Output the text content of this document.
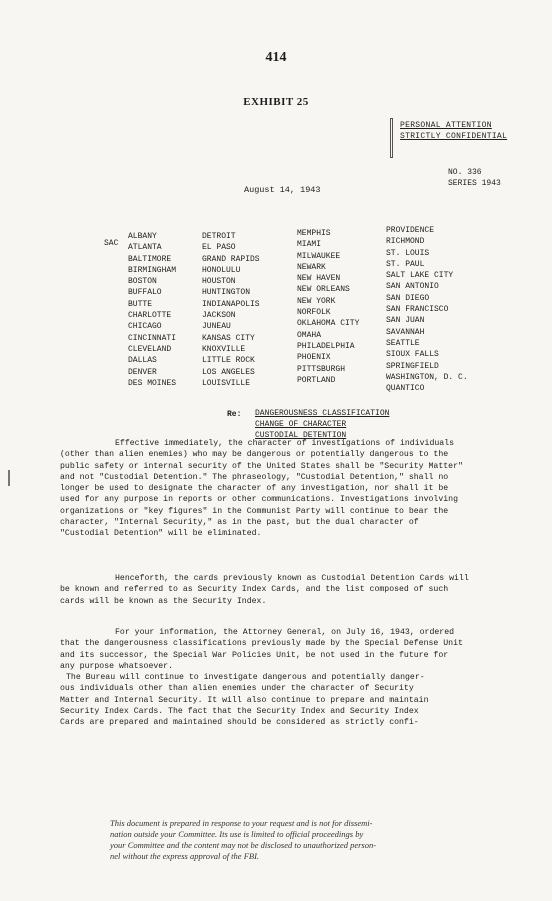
414
EXHIBIT 25
PERSONAL ATTENTION
STRICTLY CONFIDENTIAL
NO. 336
SERIES 1943
August 14, 1943
SAC
ALBANY
ATLANTA
BALTIMORE
BIRMINGHAM
BOSTON
BUFFALO
BUTTE
CHARLOTTE
CHICAGO
CINCINNATI
CLEVELAND
DALLAS
DENVER
DES MOINES
DETROIT
EL PASO
GRAND RAPIDS
HONOLULU
HOUSTON
HUNTINGTON
INDIANAPOLIS
JACKSON
JUNEAU
KANSAS CITY
KNOXVILLE
LITTLE ROCK
LOS ANGELES
LOUISVILLE
MEMPHIS
MIAMI
MILWAUKEE
NEWARK
NEW HAVEN
NEW ORLEANS
NEW YORK
NORFOLK
OKLAHOMA CITY
OMAHA
PHILADELPHIA
PHOENIX
PITTSBURGH
PORTLAND
PROVIDENCE
RICHMOND
ST. LOUIS
ST. PAUL
SALT LAKE CITY
SAN ANTONIO
SAN DIEGO
SAN FRANCISCO
SAN JUAN
SAVANNAH
SEATTLE
SIOUX FALLS
SPRINGFIELD
WASHINGTON, D. C.
QUANTICO
Re: DANGEROUSNESS CLASSIFICATION
CHANGE OF CHARACTER
CUSTODIAL DETENTION
Effective immediately, the character of investigations of individuals
(other than alien enemies) who may be dangerous or potentially dangerous to the
public safety or internal security of the United States shall be "Security Matter"
and not "Custodial Detention." The phraseology, "Custodial Detention," shall no
longer be used to designate the character of any investigation, nor shall it be
used for any purpose in reports or other communications. Investigations involving
organizations or "key figures" in the Communist Party will continue to bear the
character, "Internal Security," as in the past, but the dual character of
"Custodial Detention" will be eliminated.
Henceforth, the cards previously known as Custodial Detention Cards will
be known and referred to as Security Index Cards, and the list composed of such
cards will be known as the Security Index.
For your information, the Attorney General, on July 16, 1943, ordered
that the dangerousness classifications previously made by the Special Defense Unit
and its successor, the Special War Policies Unit, be not used in the future for
any purpose whatsoever.
The Bureau will continue to investigate dangerous and potentially danger-
ous individuals other than alien enemies under the character of Security
Matter and Internal Security. It will also continue to prepare and maintain
Security Index Cards. The fact that the Security Index and Security Index
Cards are prepared and maintained should be considered as strictly confi-
This document is prepared in response to your request and is not for dissemi-
nation outside your Committee. Its use is limited to official proceedings by
your Committee and the content may not be disclosed to unauthorized person-
nel without the express approval of the FBI.
